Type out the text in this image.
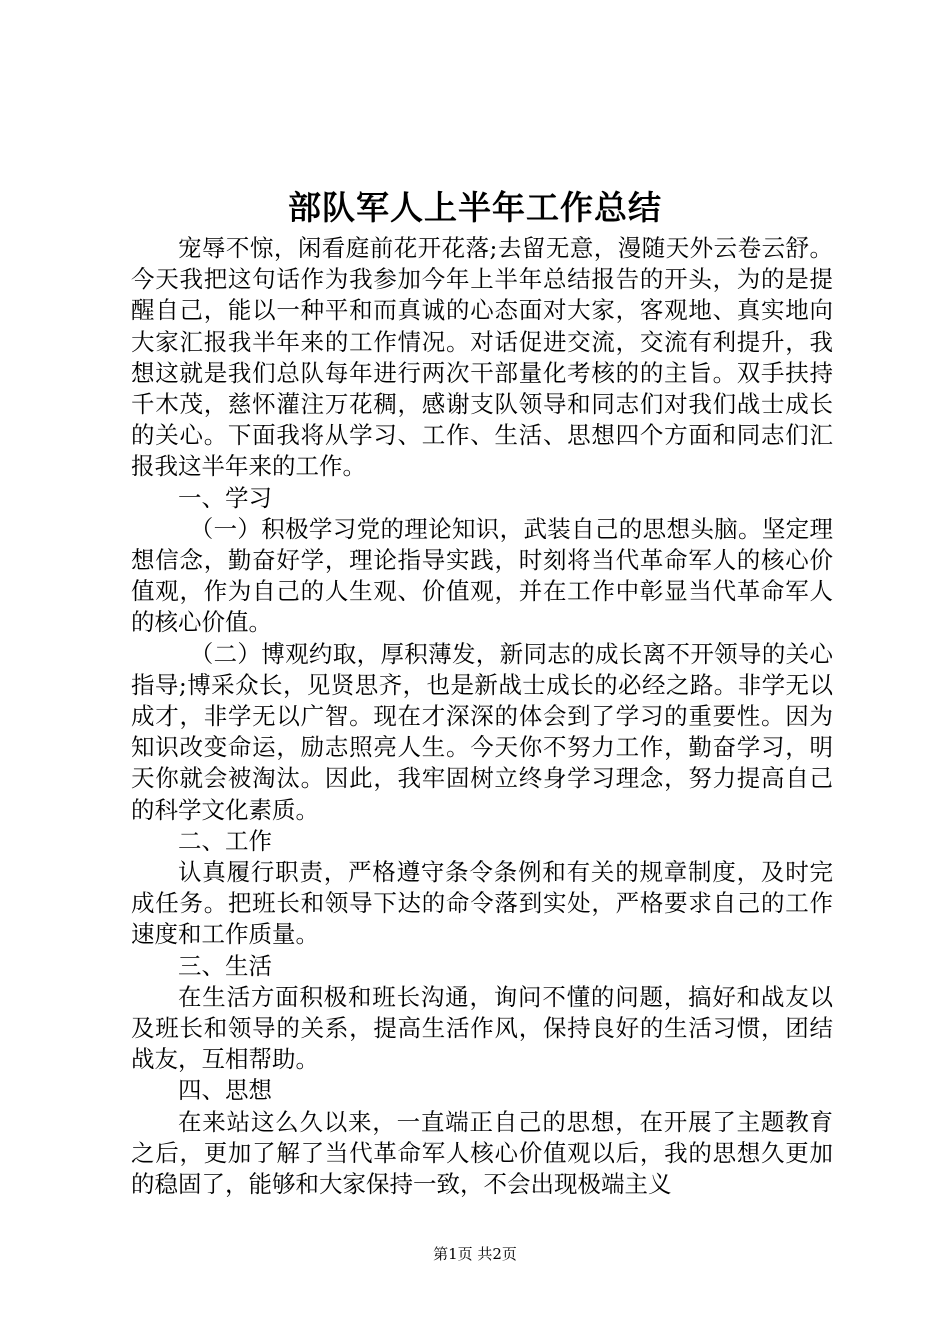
部队军人上半年工作总结

宠辱不惊，闲看庭前花开花落;去留无意，漫随天外云卷云舒。今天我把这句话作为我参加今年上半年总结报告的开头，为的是提醒自己，能以一种平和而真诚的心态面对大家，客观地、真实地向大家汇报我半年来的工作情况。对话促进交流，交流有利提升，我想这就是我们总队每年进行两次干部量化考核的的主旨。双手扶持千木茂，慈怀灌注万花稠，感谢支队领导和同志们对我们战士成长的关心。下面我将从学习、工作、生活、思想四个方面和同志们汇报我这半年来的工作。

一、学习

（一）积极学习党的理论知识，武装自己的思想头脑。坚定理想信念，勤奋好学，理论指导实践，时刻将当代革命军人的核心价值观，作为自己的人生观、价值观，并在工作中彰显当代革命军人的核心价值。

（二）博观约取，厚积薄发，新同志的成长离不开领导的关心指导;博采众长，见贤思齐，也是新战士成长的必经之路。非学无以成才，非学无以广智。现在才深深的体会到了学习的重要性。因为知识改变命运，励志照亮人生。今天你不努力工作，勤奋学习，明天你就会被淘汰。因此，我牢固树立终身学习理念，努力提高自己的科学文化素质。

二、工作

认真履行职责，严格遵守条令条例和有关的规章制度，及时完成任务。把班长和领导下达的命令落到实处，严格要求自己的工作速度和工作质量。

三、生活

在生活方面积极和班长沟通，询问不懂的问题，搞好和战友以及班长和领导的关系，提高生活作风，保持良好的生活习惯，团结战友，互相帮助。

四、思想

在来站这么久以来，一直端正自己的思想，在开展了主题教育之后，更加了解了当代革命军人核心价值观以后，我的思想久更加的稳固了，能够和大家保持一致，不会出现极端主义

第1页 共2页
